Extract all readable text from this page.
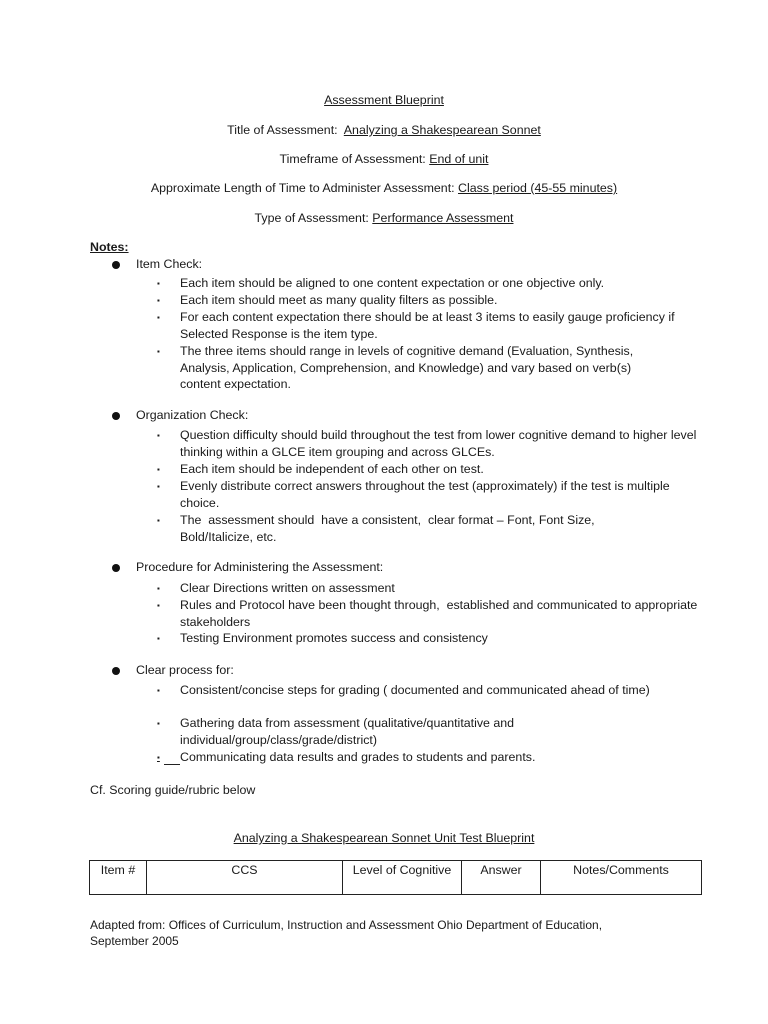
Assessment Blueprint
Title of Assessment: Analyzing a Shakespearean Sonnet
Timeframe of Assessment: End of unit
Approximate Length of Time to Administer Assessment: Class period (45-55 minutes)
Type of Assessment: Performance Assessment
Notes:
Item Check:
▪ Each item should be aligned to one content expectation or one objective only.
▪ Each item should meet as many quality filters as possible.
▪ For each content expectation there should be at least 3 items to easily gauge proficiency if Selected Response is the item type.
▪ The three items should range in levels of cognitive demand (Evaluation, Synthesis, Analysis, Application, Comprehension, and Knowledge) and vary based on verb(s) content expectation.
Organization Check:
▪ Question difficulty should build throughout the test from lower cognitive demand to higher level thinking within a GLCE item grouping and across GLCEs.
▪ Each item should be independent of each other on test.
▪ Evenly distribute correct answers throughout the test (approximately) if the test is multiple choice.
▪ The  assessment should  have a consistent,  clear format – Font, Font Size, Bold/Italicize, etc.
Procedure for Administering the Assessment:
▪ Clear Directions written on assessment
▪ Rules and Protocol have been thought through,  established and communicated to appropriate stakeholders
▪ Testing Environment promotes success and consistency
Clear process for:
▪ Consistent/concise steps for grading ( documented and communicated ahead of time)
▪ Gathering data from assessment (qualitative/quantitative and individual/group/class/grade/district)
▪ Communicating data results and grades to students and parents.
Cf. Scoring guide/rubric below
Analyzing a Shakespearean Sonnet Unit Test Blueprint
Item #	CCS	Level of Cognitive	Answer	Notes/Comments
Adapted from: Offices of Curriculum, Instruction and Assessment Ohio Department of Education, September 2005
